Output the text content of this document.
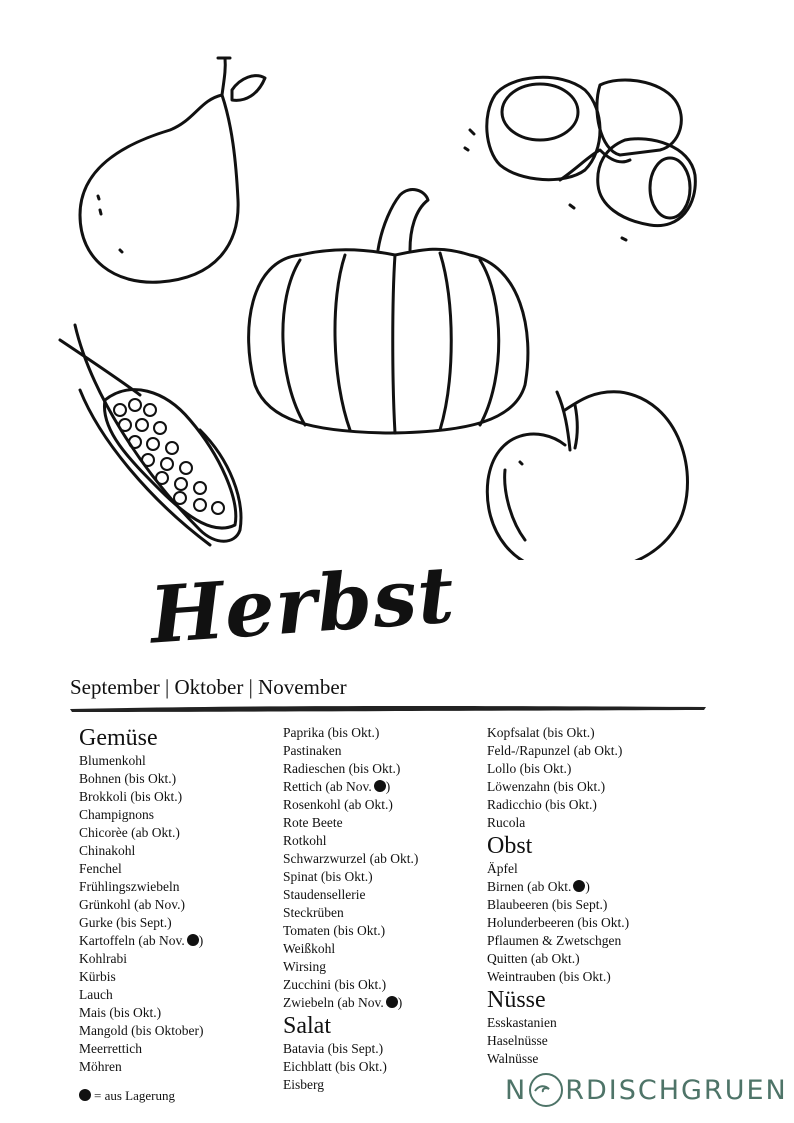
Herbst
September | Oktober | November
Gemüse
Blumenkohl
Bohnen (bis Okt.)
Brokkoli (bis Okt.)
Champignons
Chicorèe (ab Okt.)
Chinakohl
Fenchel
Frühlingszwiebeln
Grünkohl (ab Nov.)
Gurke (bis Sept.)
Kartoffeln (ab Nov. )
Kohlrabi
Kürbis
Lauch
Mais (bis Okt.)
Mangold (bis Oktober)
Meerrettich
Möhren
Paprika (bis Okt.)
Pastinaken
Radieschen (bis Okt.)
Rettich (ab Nov. )
Rosenkohl (ab Okt.)
Rote Beete
Rotkohl
Schwarzwurzel (ab Okt.)
Spinat (bis Okt.)
Staudensellerie
Steckrüben
Tomaten (bis Okt.)
Weißkohl
Wirsing
Zucchini (bis Okt.)
Zwiebeln (ab Nov. )
Salat
Batavia (bis Sept.)
Eichblatt (bis Okt.)
Eisberg
Kopfsalat (bis Okt.)
Feld-/Rapunzel (ab Okt.)
Lollo (bis Okt.)
Löwenzahn (bis Okt.)
Radicchio (bis Okt.)
Rucola
Obst
Äpfel
Birnen (ab Okt. )
Blaubeeren (bis Sept.)
Holunderbeeren (bis Okt.)
Pflaumen & Zwetschgen
Quitten (ab Okt.)
Weintrauben (bis Okt.)
Nüsse
Esskastanien
Haselnüsse
Walnüsse
= aus Lagerung	N RDISCHGRUEN
